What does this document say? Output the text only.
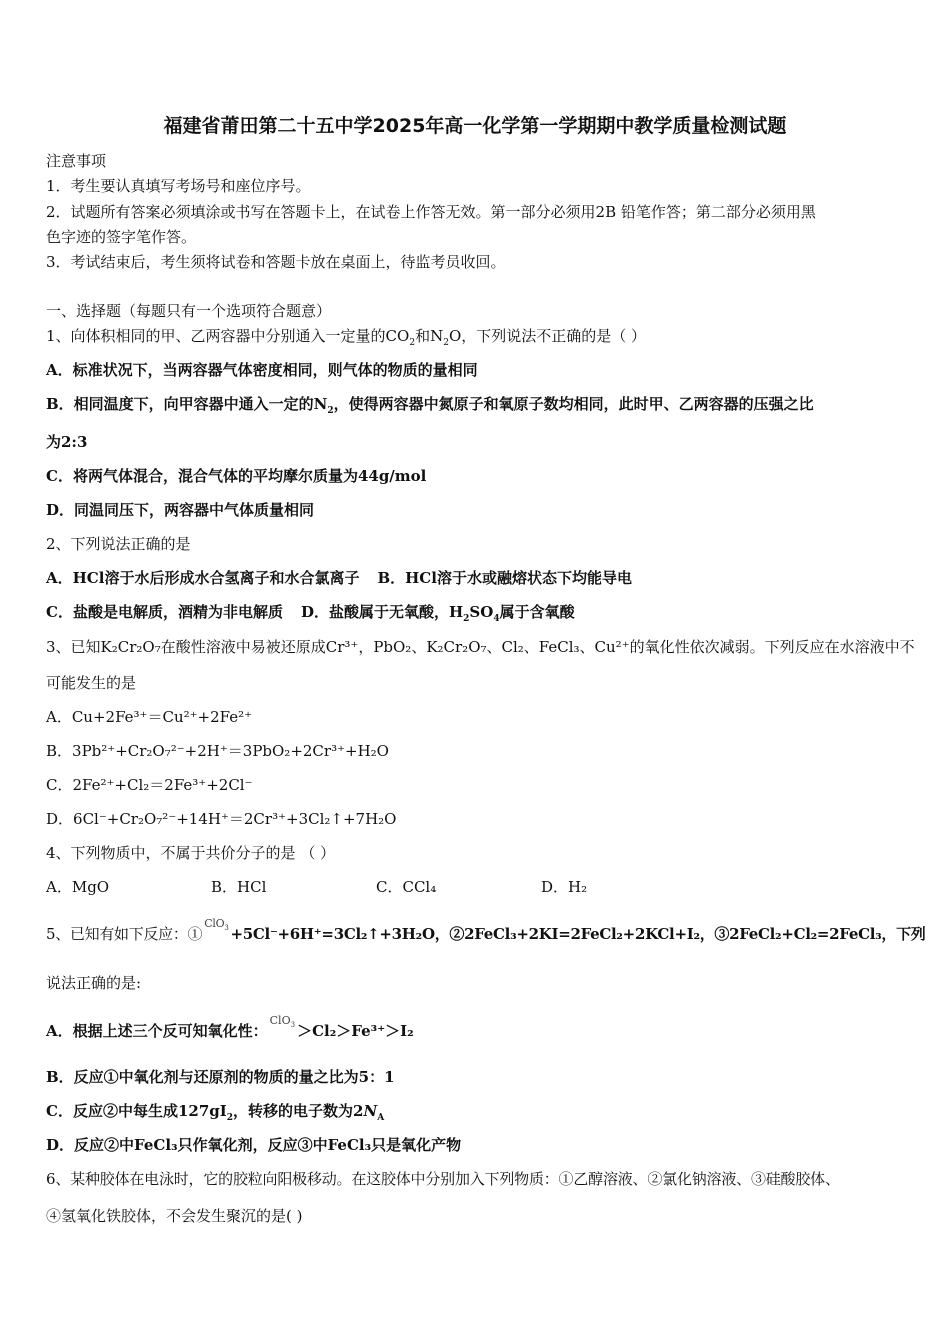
福建省莆田第二十五中学2025年高一化学第一学期期中教学质量检测试题
注意事项
1．考生要认真填写考场号和座位序号。
2．试题所有答案必须填涂或书写在答题卡上，在试卷上作答无效。第一部分必须用2B 铅笔作答；第二部分必须用黑
色字迹的签字笔作答。
3．考试结束后，考生须将试卷和答题卡放在桌面上，待监考员收回。
一、选择题（每题只有一个选项符合题意）
1、向体积相同的甲、乙两容器中分别通入一定量的$CO_2$和$N_2O$，下列说法不正确的是（ ）
A．标准状况下，当两容器气体密度相同，则气体的物质的量相同
B．相同温度下，向甲容器中通入一定的$N_2$，使得两容器中氮原子和氧原子数均相同，此时甲、乙两容器的压强之比
为2:3
C．将两气体混合，混合气体的平均摩尔质量为44g/mol
D．同温同压下，两容器中气体质量相同
2、下列说法正确的是
A．HCl溶于水后形成水合氢离子和水合氯离子 B．HCl溶于水或融熔状态下均能导电
C．盐酸是电解质，酒精为非电解质 D．盐酸属于无氧酸，$H_2SO_4$属于含氧酸
3、已知K₂Cr₂O₇在酸性溶液中易被还原成Cr³⁺，PbO₂、K₂Cr₂O₇、Cl₂、FeCl₃、Cu²⁺的氧化性依次减弱。下列反应在水溶液中不
可能发生的是
A．Cu+2Fe³⁺＝Cu²⁺+2Fe²⁺
B．3Pb²⁺+Cr₂O₇²⁻+2H⁺＝3PbO₂+2Cr³⁺+H₂O
C．2Fe²⁺+Cl₂＝2Fe³⁺+2Cl⁻
D．6Cl⁻+Cr₂O₇²⁻+14H⁺＝2Cr³⁺+3Cl₂↑+7H₂O
4、下列物质中，不属于共价分子的是 （ ）
A．MgO	B．HCl	C．CCl₄	D．H₂
5、已知有如下反应：①ClO$_3$ +5Cl⁻+6H⁺=3Cl₂↑+3H₂O，②2FeCl₃+2KI=2FeCl₂+2KCl+I₂，③2FeCl₂+Cl₂=2FeCl₃，下列
说法正确的是:
A．根据上述三个反可知氧化性：ClO$_3$ ＞Cl₂＞Fe³⁺＞I₂
B．反应①中氧化剂与还原剂的物质的量之比为5：1
C．反应②中每生成$127gI_2$，转移的电子数为$2N_A$
D．反应②中FeCl₃只作氧化剂，反应③中FeCl₃只是氧化产物
6、某种胶体在电泳时，它的胶粒向阳极移动。在这胶体中分别加入下列物质：①乙醇溶液、②氯化钠溶液、③硅酸胶体、
④氢氧化铁胶体，不会发生聚沉的是( )
